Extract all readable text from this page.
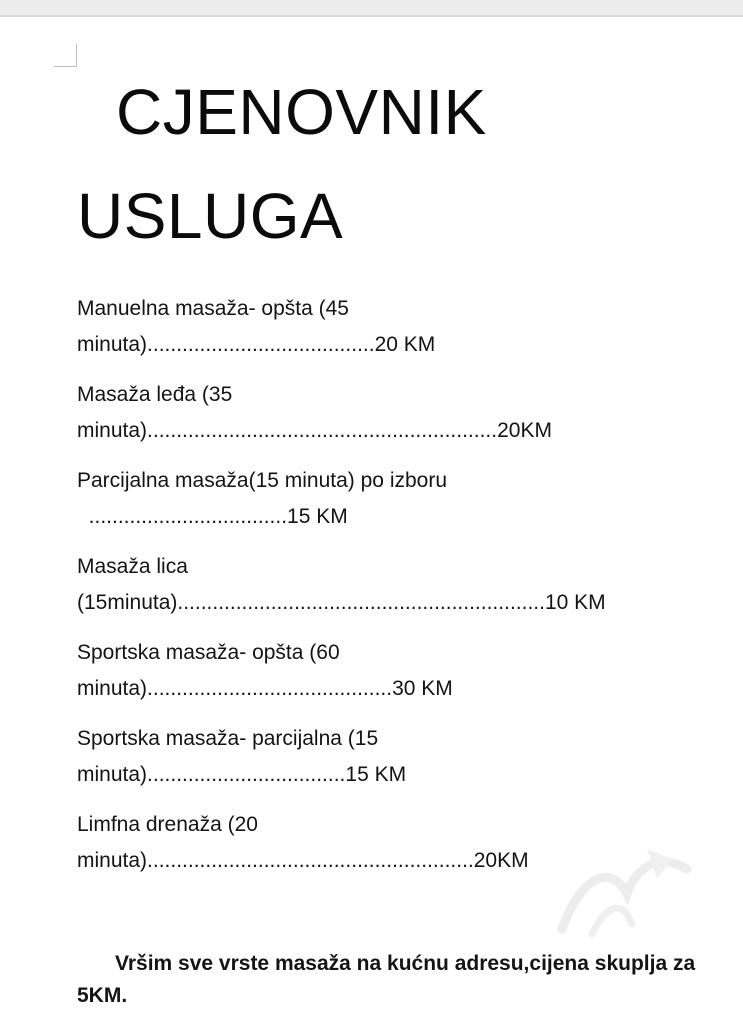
CJENOVNIK
USLUGA
Manuelna masaža- opšta (45
minuta).......................................20 KM
Masaža leđa (35
minuta)............................................................20KM
Parcijalna masaža(15 minuta) po izboru
..................................15 KM
Masaža lica
(15minuta)...............................................................10 KM
Sportska masaža- opšta (60
minuta)..........................................30 KM
Sportska masaža- parcijalna (15
minuta)..................................15 KM
Limfna drenaža (20
minuta)........................................................20KM
Vršim sve vrste masaža na kućnu adresu,cijena skuplja za 5KM.
